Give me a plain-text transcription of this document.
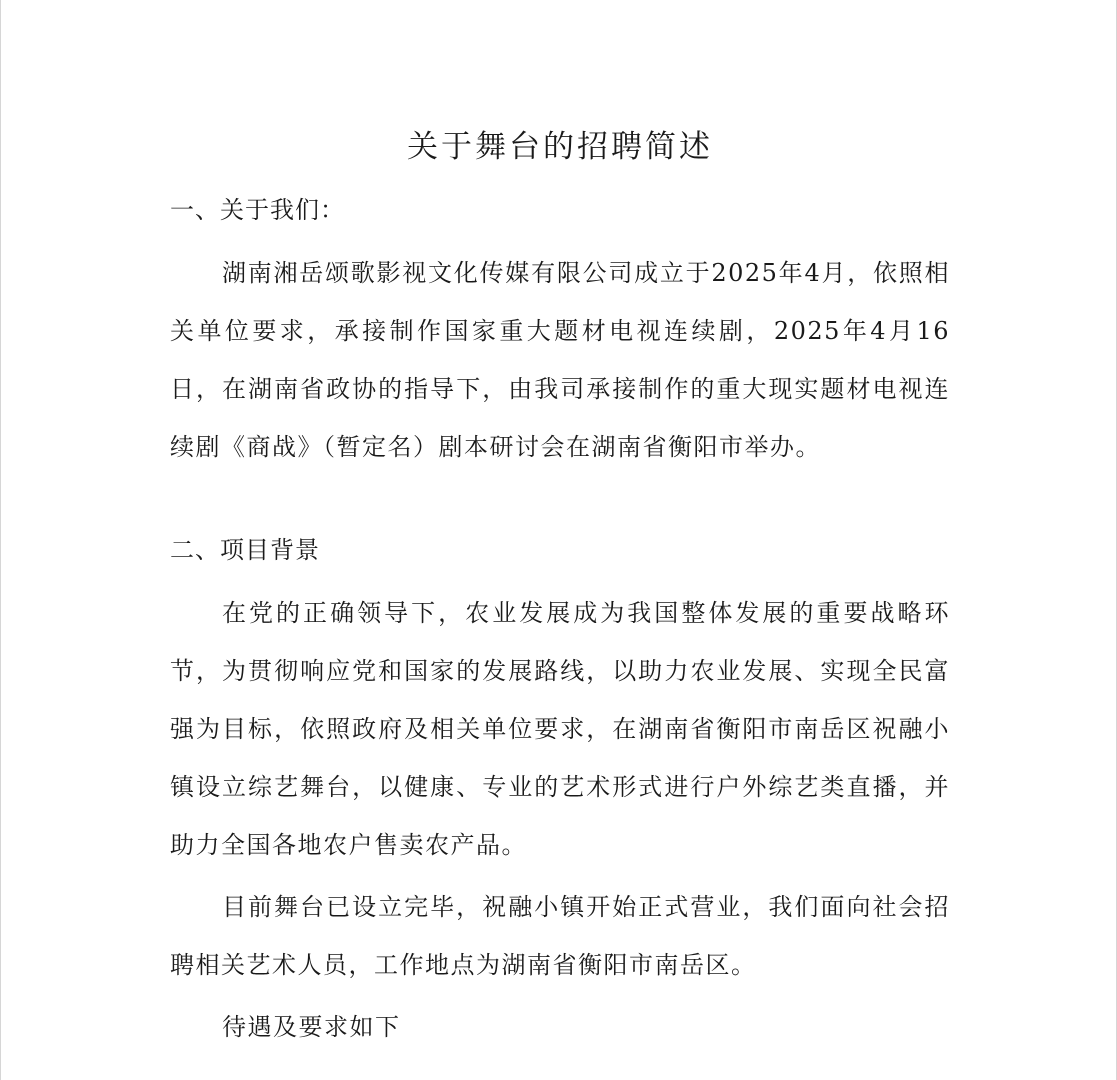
关于舞台的招聘简述

一、关于我们：

湖南湘岳颂歌影视文化传媒有限公司成立于2025年4月，依照相关单位要求，承接制作国家重大题材电视连续剧，2025年4月16日，在湖南省政协的指导下，由我司承接制作的重大现实题材电视连续剧《商战》（暂定名）剧本研讨会在湖南省衡阳市举办。

二、项目背景

在党的正确领导下，农业发展成为我国整体发展的重要战略环节，为贯彻响应党和国家的发展路线，以助力农业发展、实现全民富强为目标，依照政府及相关单位要求，在湖南省衡阳市南岳区祝融小镇设立综艺舞台，以健康、专业的艺术形式进行户外综艺类直播，并助力全国各地农户售卖农产品。

目前舞台已设立完毕，祝融小镇开始正式营业，我们面向社会招聘相关艺术人员，工作地点为湖南省衡阳市南岳区。

待遇及要求如下
